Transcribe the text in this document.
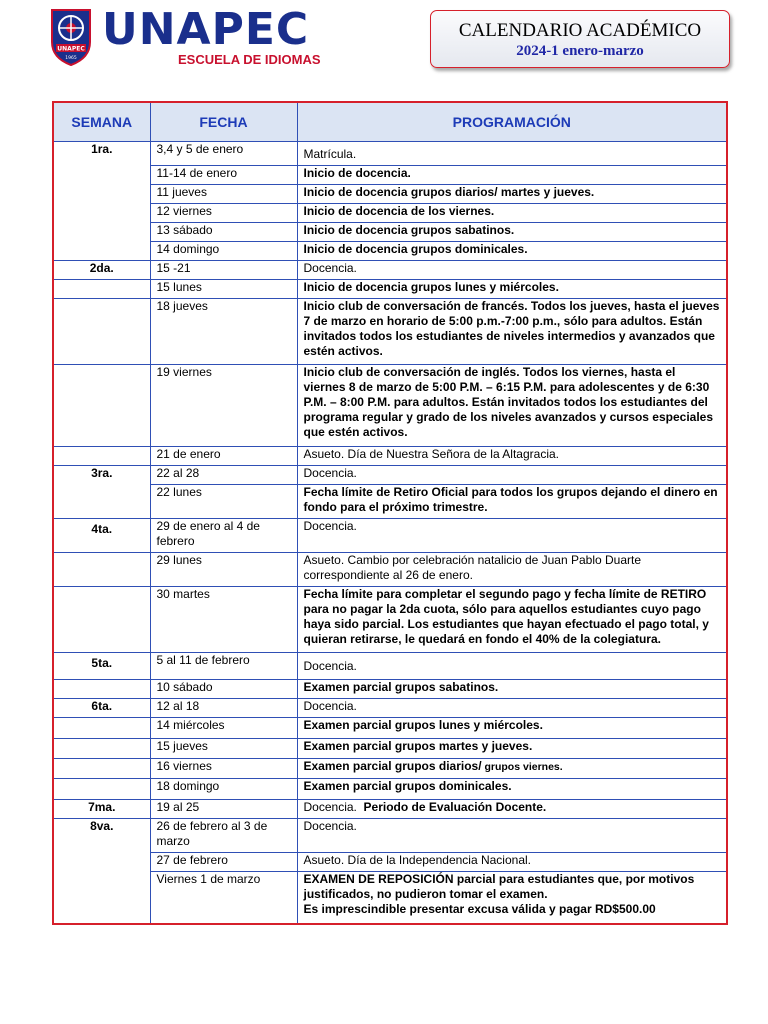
UNAPEC
1965
UNAPEC
ESCUELA DE IDIOMAS
CALENDARIO ACADÉMICO
2024-1 enero-marzo
SEMANA	FECHA	PROGRAMACIÓN
1ra.	3,4 y 5 de enero	Matrícula.
	11-14 de enero	Inicio de docencia.
	11 jueves	Inicio de docencia grupos diarios/ martes y jueves.
	12 viernes	Inicio de docencia de los viernes.
	13 sábado	Inicio de docencia grupos sabatinos.
	14 domingo	Inicio de docencia grupos dominicales.
2da.	15 -21	Docencia.
	15 lunes	Inicio de docencia grupos lunes y miércoles.
	18 jueves	Inicio club de conversación de francés. Todos los jueves, hasta el jueves 7 de marzo en horario de 5:00 p.m.-7:00 p.m., sólo para adultos. Están invitados todos los estudiantes de niveles intermedios y avanzados que estén activos.
	19 viernes	Inicio club de conversación de inglés. Todos los viernes, hasta el viernes 8 de marzo de 5:00 P.M. – 6:15 P.M. para adolescentes y de 6:30 P.M. – 8:00 P.M. para adultos. Están invitados todos los estudiantes del programa regular y grado de los niveles avanzados y cursos especiales que estén activos.
	21 de enero	Asueto. Día de Nuestra Señora de la Altagracia.
3ra.	22 al 28	Docencia.
	22 lunes	Fecha límite de Retiro Oficial para todos los grupos dejando el dinero en fondo para el próximo trimestre.
4ta.	29 de enero al 4 de febrero	Docencia.
	29 lunes	Asueto. Cambio por celebración natalicio de Juan Pablo Duarte correspondiente al 26 de enero.
	30 martes	Fecha límite para completar el segundo pago y fecha límite de RETIRO para no pagar la 2da cuota, sólo para aquellos estudiantes cuyo pago haya sido parcial. Los estudiantes que hayan efectuado el pago total, y quieran retirarse, le quedará en fondo el 40% de la colegiatura.
5ta.	5 al 11 de febrero	Docencia.
	10 sábado	Examen parcial grupos sabatinos.
6ta.	12 al 18	Docencia.
	14 miércoles	Examen parcial grupos lunes y miércoles.
	15 jueves	Examen parcial grupos martes y jueves.
	16 viernes	Examen parcial grupos diarios/ grupos viernes.
	18 domingo	Examen parcial grupos dominicales.
7ma.	19 al 25	Docencia.  Periodo de Evaluación Docente.
8va.	26 de febrero al 3 de marzo	Docencia.
	27 de febrero	Asueto. Día de la Independencia Nacional.
	Viernes 1 de marzo	EXAMEN DE REPOSICIÓN parcial para estudiantes que, por motivos justificados, no pudieron tomar el examen.
Es imprescindible presentar excusa válida y pagar RD$500.00
